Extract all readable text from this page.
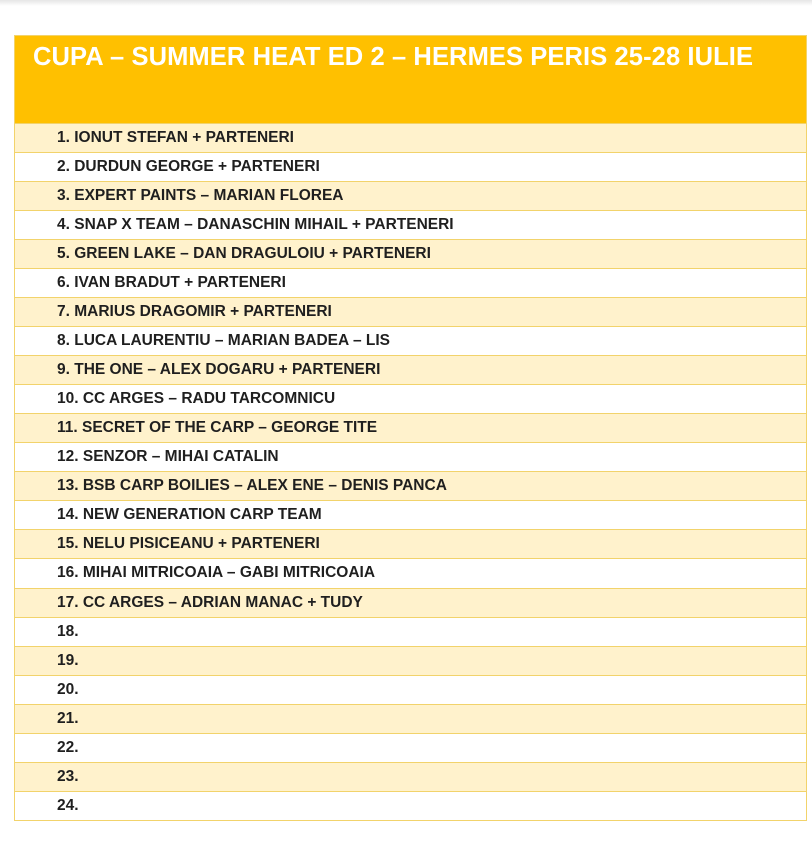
CUPA – SUMMER HEAT ED 2 – HERMES PERIS 25-28 IULIE
1. IONUT STEFAN + PARTENERI
2. DURDUN GEORGE + PARTENERI
3. EXPERT PAINTS – MARIAN FLOREA
4. SNAP X TEAM – DANASCHIN MIHAIL + PARTENERI
5. GREEN LAKE – DAN DRAGULOIU + PARTENERI
6. IVAN BRADUT + PARTENERI
7. MARIUS DRAGOMIR + PARTENERI
8. LUCA LAURENTIU – MARIAN BADEA – LIS
9. THE ONE – ALEX DOGARU + PARTENERI
10. CC ARGES – RADU TARCOMNICU
11. SECRET OF THE CARP – GEORGE TITE
12. SENZOR – MIHAI CATALIN
13. BSB CARP BOILIES – ALEX ENE – DENIS PANCA
14. NEW GENERATION CARP TEAM
15. NELU PISICEANU + PARTENERI
16. MIHAI MITRICOAIA – GABI MITRICOAIA
17. CC ARGES – ADRIAN MANAC + TUDY
18.
19.
20.
21.
22.
23.
24.
